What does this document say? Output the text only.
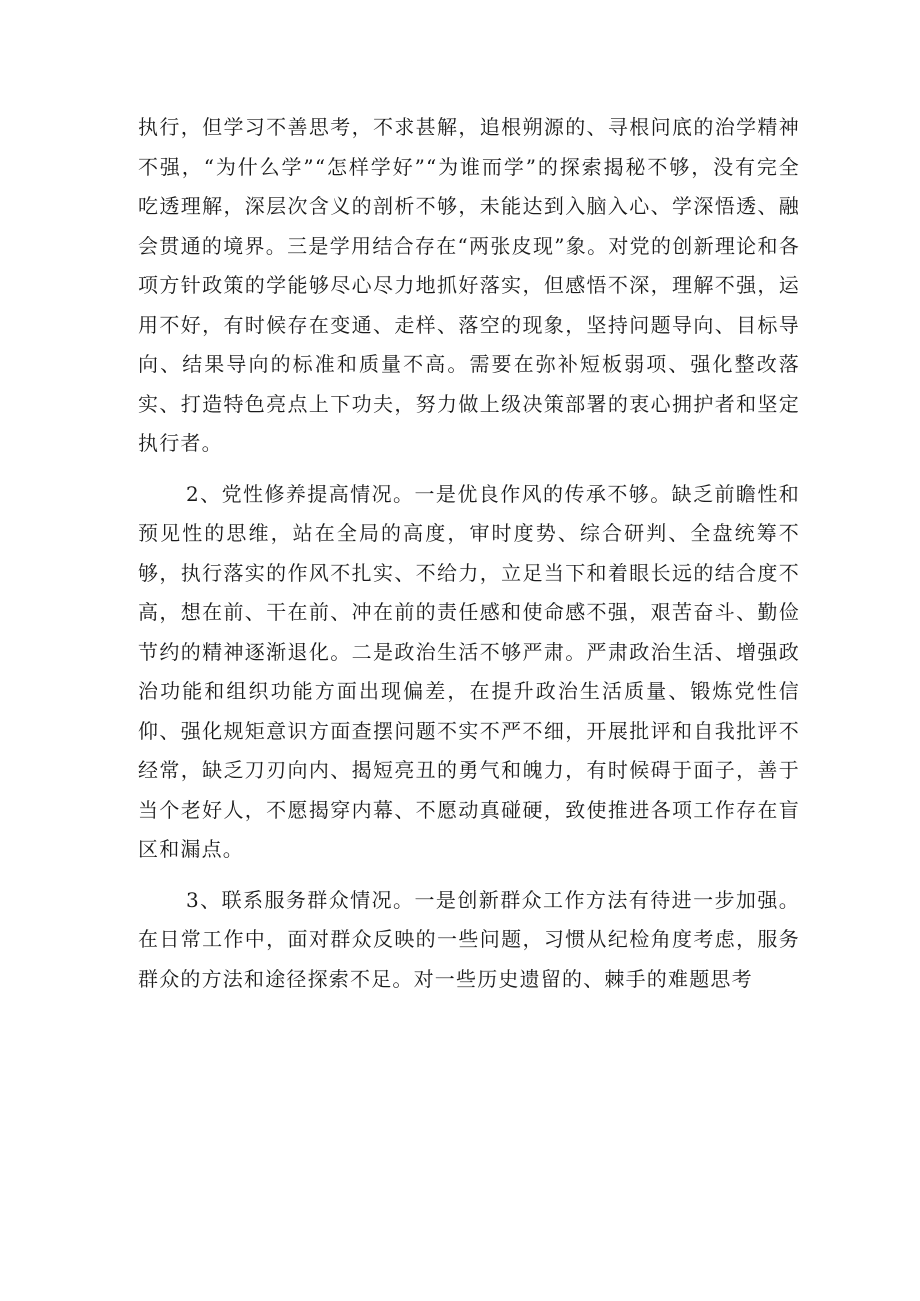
执行，但学习不善思考，不求甚解，追根朔源的、寻根问底的治学精神不强，“为什么学”“怎样学好”“为谁而学”的探索揭秘不够，没有完全吃透理解，深层次含义的剖析不够，未能达到入脑入心、学深悟透、融会贯通的境界。三是学用结合存在“两张皮现”象。对党的创新理论和各项方针政策的学能够尽心尽力地抓好落实，但感悟不深，理解不强，运用不好，有时候存在变通、走样、落空的现象，坚持问题导向、目标导向、结果导向的标准和质量不高。需要在弥补短板弱项、强化整改落实、打造特色亮点上下功夫，努力做上级决策部署的衷心拥护者和坚定执行者。

2、党性修养提高情况。一是优良作风的传承不够。缺乏前瞻性和预见性的思维，站在全局的高度，审时度势、综合研判、全盘统筹不够，执行落实的作风不扎实、不给力，立足当下和着眼长远的结合度不高，想在前、干在前、冲在前的责任感和使命感不强，艰苦奋斗、勤俭节约的精神逐渐退化。二是政治生活不够严肃。严肃政治生活、增强政治功能和组织功能方面出现偏差，在提升政治生活质量、锻炼党性信仰、强化规矩意识方面查摆问题不实不严不细，开展批评和自我批评不经常，缺乏刀刃向内、揭短亮丑的勇气和魄力，有时候碍于面子，善于当个老好人，不愿揭穿内幕、不愿动真碰硬，致使推进各项工作存在盲区和漏点。

3、联系服务群众情况。一是创新群众工作方法有待进一步加强。在日常工作中，面对群众反映的一些问题，习惯从纪检角度考虑，服务群众的方法和途径探索不足。对一些历史遗留的、棘手的难题思考
